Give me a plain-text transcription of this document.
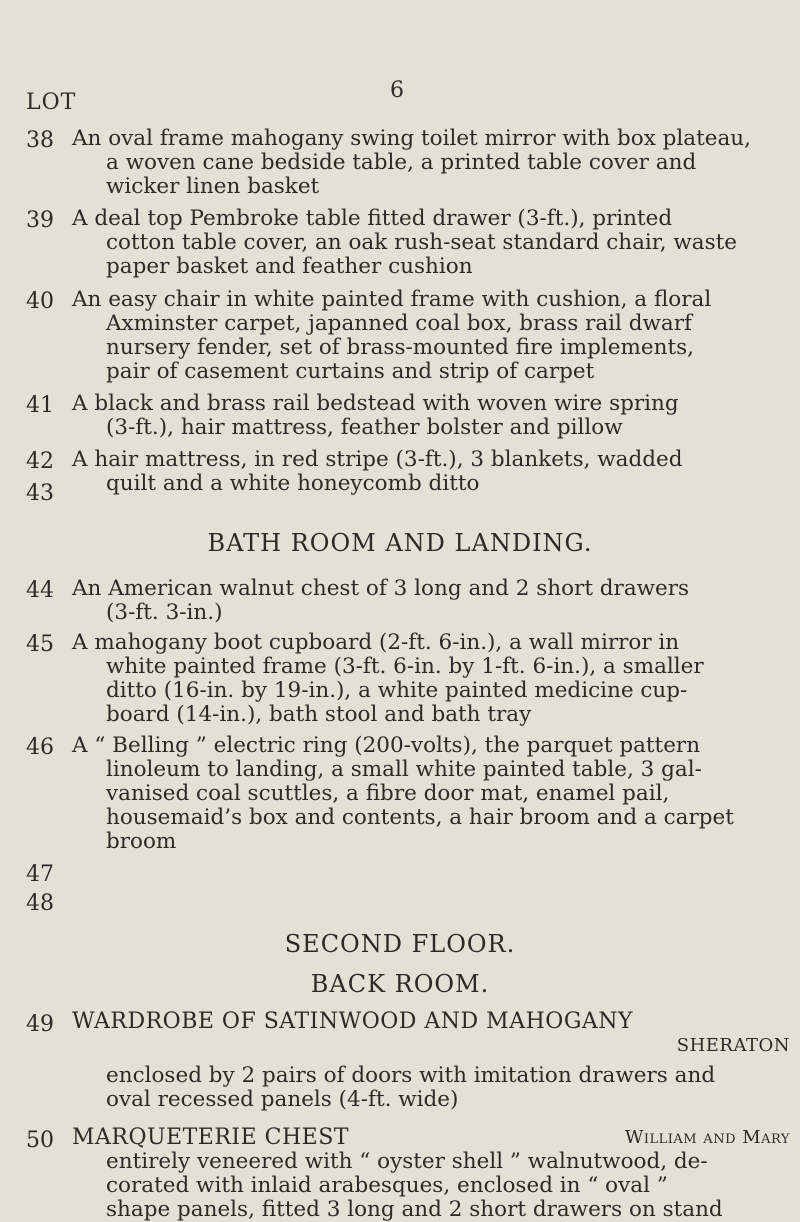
6
LOT
38 An oval frame mahogany swing toilet mirror with box plateau,
a woven cane bedside table, a printed table cover and
wicker linen basket
39 A deal top Pembroke table fitted drawer (3-ft.), printed
cotton table cover, an oak rush-seat standard chair, waste
paper basket and feather cushion
40 An easy chair in white painted frame with cushion, a floral
Axminster carpet, japanned coal box, brass rail dwarf
nursery fender, set of brass-mounted fire implements,
pair of casement curtains and strip of carpet
41 A black and brass rail bedstead with woven wire spring
(3-ft.), hair mattress, feather bolster and pillow
42 A hair mattress, in red stripe (3-ft.), 3 blankets, wadded
quilt and a white honeycomb ditto
43
BATH ROOM AND LANDING.
44 An American walnut chest of 3 long and 2 short drawers
(3-ft. 3-in.)
45 A mahogany boot cupboard (2-ft. 6-in.), a wall mirror in
white painted frame (3-ft. 6-in. by 1-ft. 6-in.), a smaller
ditto (16-in. by 19-in.), a white painted medicine cup-
board (14-in.), bath stool and bath tray
46 A “ Belling ” electric ring (200-volts), the parquet pattern
linoleum to landing, a small white painted table, 3 gal-
vanised coal scuttles, a fibre door mat, enamel pail,
housemaid’s box and contents, a hair broom and a carpet
broom
47
48
SECOND FLOOR.
BACK ROOM.
49 WARDROBE OF SATINWOOD AND MAHOGANY
SHERATON
enclosed by 2 pairs of doors with imitation drawers and
oval recessed panels (4-ft. wide)
50 MARQUETERIE CHEST	William and Mary
entirely veneered with “ oyster shell ” walnutwood, de-
corated with inlaid arabesques, enclosed in “ oval ”
shape panels, fitted 3 long and 2 short drawers on stand
